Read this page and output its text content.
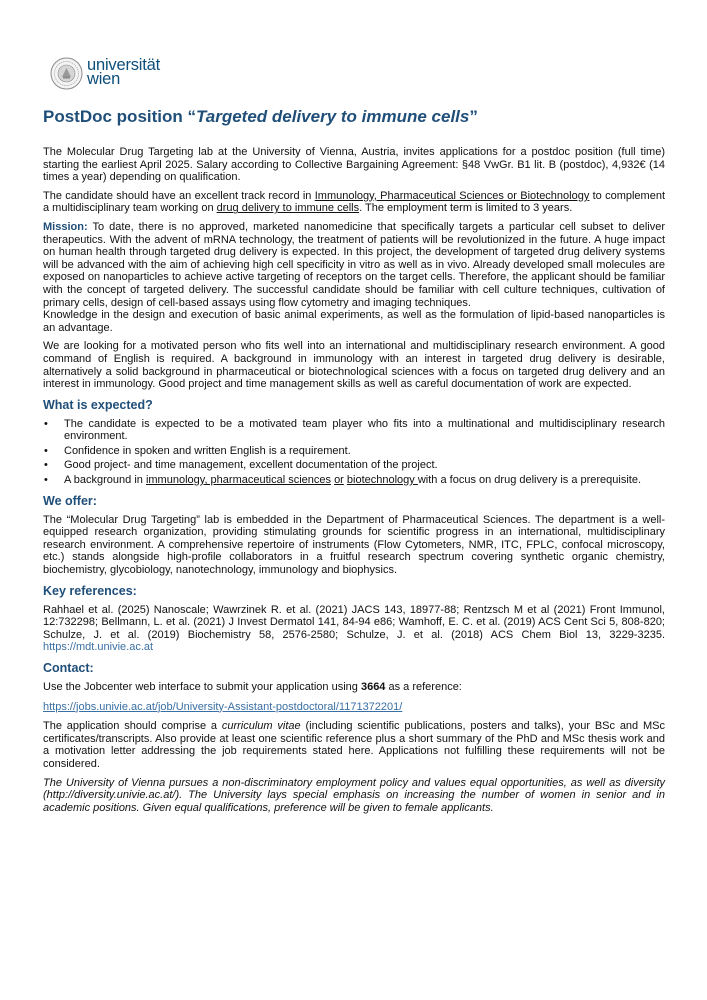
universität
wien
PostDoc position “Targeted delivery to immune cells”

The Molecular Drug Targeting lab at the University of Vienna, Austria, invites applications for a postdoc position (full time) starting the earliest April 2025. Salary according to Collective Bargaining Agreement: §48 VwGr. B1 lit. B (postdoc), 4,932€ (14 times a year) depending on qualification.

The candidate should have an excellent track record in Immunology, Pharmaceutical Sciences or Biotechnology to complement a multidisciplinary team working on drug delivery to immune cells. The employment term is limited to 3 years.

Mission: To date, there is no approved, marketed nanomedicine that specifically targets a particular cell subset to deliver therapeutics. With the advent of mRNA technology, the treatment of patients will be revolutionized in the future. A huge impact on human health through targeted drug delivery is expected. In this project, the development of targeted drug delivery systems will be advanced with the aim of achieving high cell specificity in vitro as well as in vivo. Already developed small molecules are exposed on nanoparticles to achieve active targeting of receptors on the target cells. Therefore, the applicant should be familiar with the concept of targeted delivery. The successful candidate should be familiar with cell culture techniques, cultivation of primary cells, design of cell-based assays using flow cytometry and imaging techniques.

Knowledge in the design and execution of basic animal experiments, as well as the formulation of lipid-based nanoparticles is an advantage.

We are looking for a motivated person who fits well into an international and multidisciplinary research environment. A good command of English is required. A background in immunology with an interest in targeted drug delivery is desirable, alternatively a solid background in pharmaceutical or biotechnological sciences with a focus on targeted drug delivery and an interest in immunology. Good project and time management skills as well as careful documentation of work are expected.

What is expected?
• The candidate is expected to be a motivated team player who fits into a multinational and multidisciplinary research environment.
• Confidence in spoken and written English is a requirement.
• Good project- and time management, excellent documentation of the project.
• A background in immunology, pharmaceutical sciences or biotechnology with a focus on drug delivery is a prerequisite.
We offer:

The “Molecular Drug Targeting” lab is embedded in the Department of Pharmaceutical Sciences. The department is a well-equipped research organization, providing stimulating grounds for scientific progress in an international, multidisciplinary research environment. A comprehensive repertoire of instruments (Flow Cytometers, NMR, ITC, FPLC, confocal microscopy, etc.) stands alongside high-profile collaborators in a fruitful research spectrum covering synthetic organic chemistry, biochemistry, glycobiology, nanotechnology, immunology and biophysics.

Key references:

Rahhael et al. (2025) Nanoscale; Wawrzinek R. et al. (2021) JACS 143, 18977-88; Rentzsch M et al (2021) Front Immunol, 12:732298; Bellmann, L. et al. (2021) J Invest Dermatol 141, 84-94 e86; Wamhoff, E. C. et al. (2019) ACS Cent Sci 5, 808-820; Schulze, J. et al. (2019) Biochemistry 58, 2576-2580; Schulze, J. et al. (2018) ACS Chem Biol 13, 3229-3235. https://mdt.univie.ac.at

Contact:

Use the Jobcenter web interface to submit your application using 3664 as a reference:

https://jobs.univie.ac.at/job/University-Assistant-postdoctoral/1171372201/

The application should comprise a curriculum vitae (including scientific publications, posters and talks), your BSc and MSc certificates/transcripts. Also provide at least one scientific reference plus a short summary of the PhD and MSc thesis work and a motivation letter addressing the job requirements stated here. Applications not fulfilling these requirements will not be considered.

The University of Vienna pursues a non-discriminatory employment policy and values equal opportunities, as well as diversity (http://diversity.univie.ac.at/). The University lays special emphasis on increasing the number of women in senior and in academic positions. Given equal qualifications, preference will be given to female applicants.
